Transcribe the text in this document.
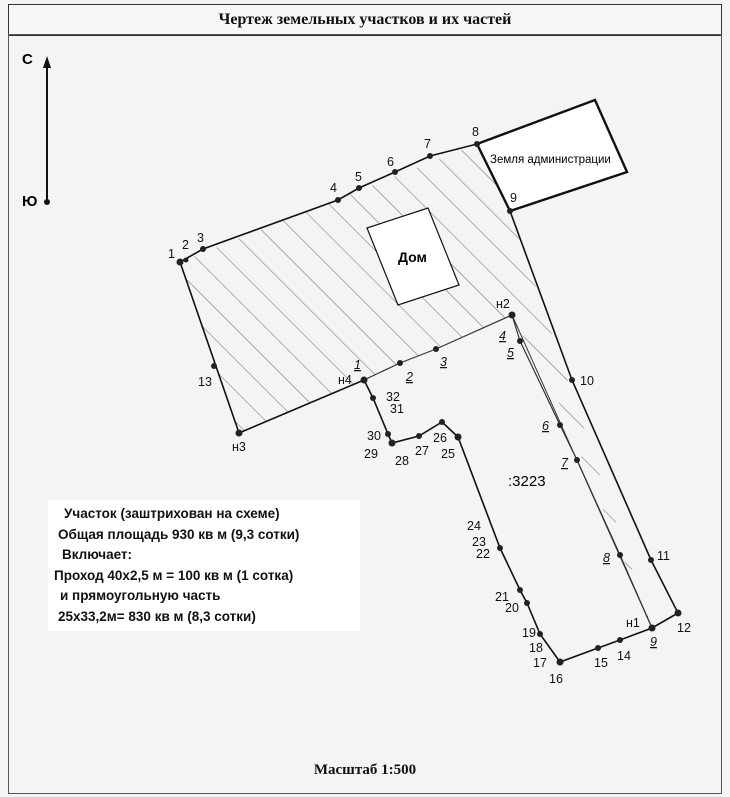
Чертеж земельных участков и их частей
С
Ю
Дом
Земля администрации
:3223
1
2 3
4
5
6
7
8
9
10
11
12
13
14
15
16
17
18
19
20
21
22
23
24
25
26
27
28
29
30
31
32
н1
н2
н3
н4
1
2
3
4
5
6
7
8
9
Участок (заштрихован на схеме)
Общая площадь 930 кв м (9,3 сотки)
Включает:
Проход 40х2,5 м = 100 кв м (1 сотка)
и прямоугольную часть
25х33,2м= 830 кв м (8,3 сотки)
Масштаб 1:500
